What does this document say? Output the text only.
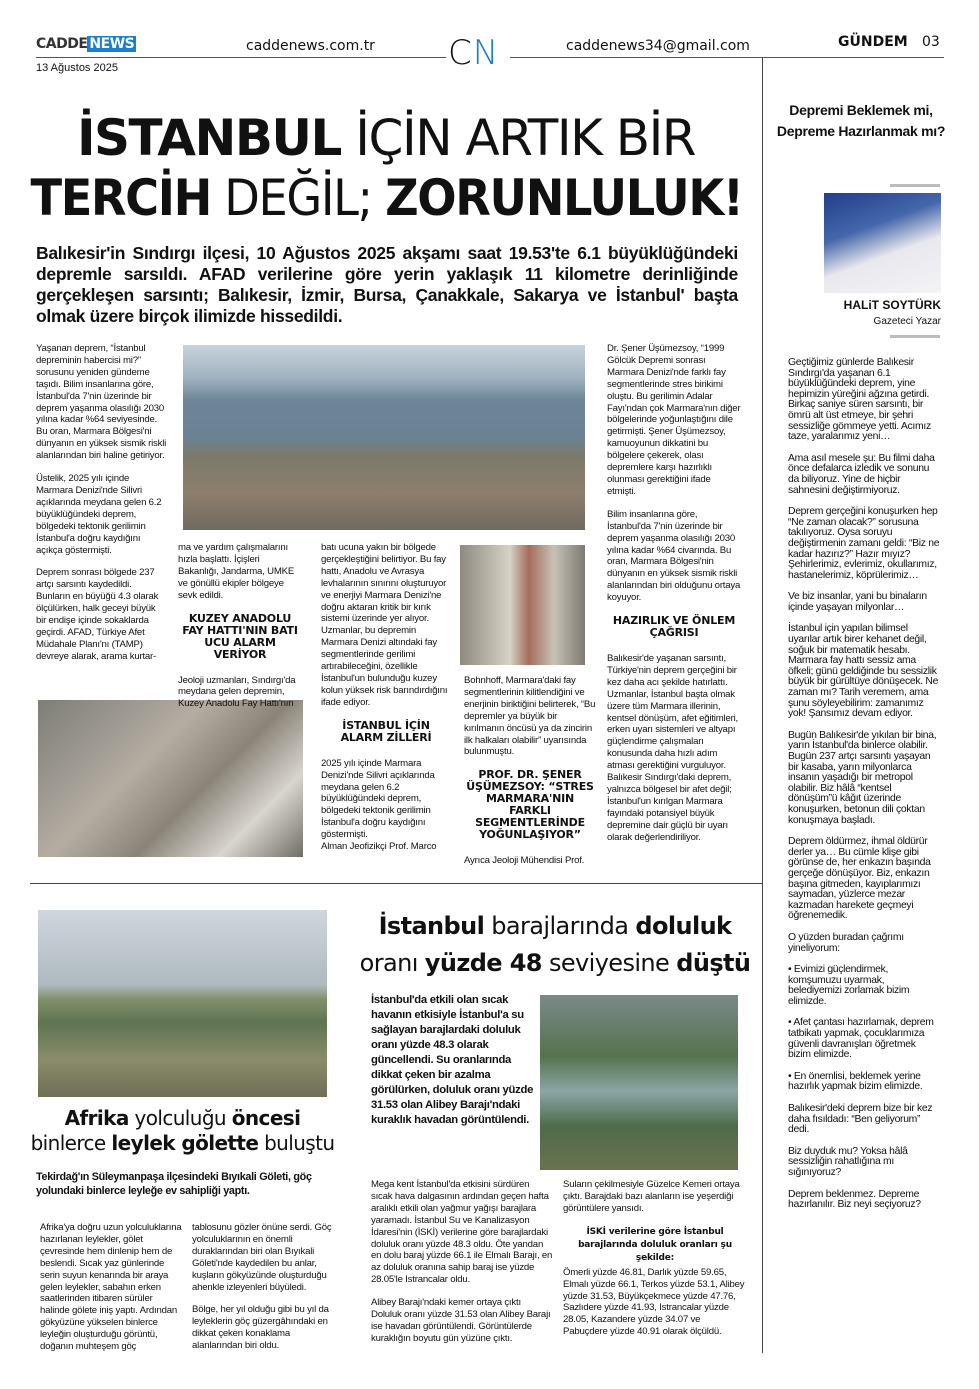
CADDE NEWS	caddenews.com.tr CN	caddenews34@gmail.com	GÜNDEM 03
13 Ağustos 2025
İSTANBUL İÇİN ARTIK BİR
TERCİH DEĞİL; ZORUNLULUK!
Balıkesir'in Sındırgı ilçesi, 10 Ağustos 2025 akşamı saat 19.53'te 6.1 büyüklüğündeki depremle sarsıldı. AFAD verilerine göre yerin yaklaşık 11 kilometre derinliğinde gerçekleşen sarsıntı; Balıkesir, İzmir, Bursa, Çanakkale, Sakarya ve İstanbul' başta olmak üzere birçok ilimizde hissedildi.

Yaşanan deprem, “İstanbul depreminin habercisi mi?” sorusunu yeniden gündeme taşıdı. Bilim insanlarına göre, İstanbul'da 7'nin üzerinde bir deprem yaşanma olasılığı 2030 yılına kadar %64 seviyesinde. Bu oran, Marmara Bölgesi'ni dünyanın en yüksek sismik riskli alanlarından biri haline getiriyor.

Üstelik, 2025 yılı içinde Marmara Denizi'nde Silivri açıklarında meydana gelen 6.2 büyüklüğündeki deprem, bölgedeki tektonik gerilimin İstanbul'a doğru kaydığını açıkça göstermişti.

Deprem sonrası bölgede 237 artçı sarsıntı kaydedildi. Bunların en büyüğü 4.3 olarak ölçülürken, halk geceyi büyük bir endişe içinde sokaklarda geçirdi. AFAD, Türkiye Afet Müdahale Planı'nı (TAMP) devreye alarak, arama kurtar-

ma ve yardım çalışmalarını hızla başlattı. İçişleri Bakanlığı, Jandarma, UMKE ve gönüllü ekipler bölgeye sevk edildi.

KUZEY ANADOLU FAY HATTI'NIN BATI UCU ALARM VERİYOR

Jeoloji uzmanları, Sındırgı'da meydana gelen depremin, Kuzey Anadolu Fay Hattı'nın

batı ucuna yakın bir bölgede gerçekleştiğini belirtiyor. Bu fay hattı, Anadolu ve Avrasya levhalarının sınırını oluşturuyor ve enerjiyi Marmara Denizi'ne doğru aktaran kritik bir kırık sistemi üzerinde yer alıyor.
Uzmanlar, bu depremin Marmara Denizi altındaki fay segmentlerinde gerilimi artırabileceğini, özellikle İstanbul'un bulunduğu kuzey kolun yüksek risk barındırdığını ifade ediyor.

İSTANBUL İÇİN ALARM ZİLLERİ

2025 yılı içinde Marmara Denizi'nde Silivri açıklarında meydana gelen 6.2 büyüklüğündeki deprem, bölgedeki tektonik gerilimin İstanbul'a doğru kaydığını göstermişti.
Alman Jeofizikçi Prof. Marco

Bohnhoff, Marmara'daki fay segmentlerinin kilitlendiğini ve enerjinin biriktiğini belirterek, “Bu depremler ya büyük bir kırılmanın öncüsü ya da zincirin ilk halkaları olabilir” uyarısında bulunmuştu.

PROF. DR. ŞENER ÜŞÜMEZSOY: “STRES MARMARA'NIN FARKLI SEGMENTLERİNDE YOĞUNLAŞIYOR”

Ayrıca Jeoloji Mühendisi Prof.

Dr. Şener Üşümezsoy, “1999 Gölcük Depremi sonrası Marmara Denizi'nde farklı fay segmentlerinde stres birikimi oluştu. Bu gerilimin Adalar Fayı'ndan çok Marmara'nın diğer bölgelerinde yoğunlaştığını dile getirmişti. Şener Üşümezsoy, kamuoyunun dikkatini bu bölgelere çekerek, olası depremlere karşı hazırlıklı olunması gerektiğini ifade etmişti.

Bilim insanlarına göre, İstanbul'da 7'nin üzerinde bir deprem yaşanma olasılığı 2030 yılına kadar %64 civarında. Bu oran, Marmara Bölgesi'nin dünyanın en yüksek sismik riskli alanlarından biri olduğunu ortaya koyuyor.

HAZIRLIK VE ÖNLEM ÇAĞRISI

Balıkesir'de yaşanan sarsıntı, Türkiye'nin deprem gerçeğini bir kez daha acı şekilde hatırlattı. Uzmanlar, İstanbul başta olmak üzere tüm Marmara illerinin, kentsel dönüşüm, afet eğitimleri, erken uyarı sistemleri ve altyapı güçlendirme çalışmaları konusunda daha hızlı adım atması gerektiğini vurguluyor. Balıkesir Sındırgı'daki deprem, yalnızca bölgesel bir afet değil; İstanbul'un kırılgan Marmara fayındaki potansiyel büyük depremine dair güçlü bir uyarı olarak değerlendiriliyor.

Depremi Beklemek mi, Depreme Hazırlanmak mı?
HALiT SOYTÜRK
Gazeteci Yazar

Geçtiğimiz günlerde Balıkesir Sındırgı'da yaşanan 6.1 büyüklüğündeki deprem, yine hepimizin yüreğini ağzına getirdi. Birkaç saniye süren sarsıntı, bir ömrü alt üst etmeye, bir şehri sessizliğe gömmeye yetti. Acımız taze, yaralarımız yeni…

Ama asıl mesele şu: Bu filmi daha önce defalarca izledik ve sonunu da biliyoruz. Yine de hiçbir sahnesini değiştirmiyoruz.

Deprem gerçeğini konuşurken hep “Ne zaman olacak?” sorusuna takılıyoruz. Oysa soruyu değiştirmenin zamanı geldi: “Biz ne kadar hazırız?” Hazır mıyız? Şehirlerimiz, evlerimiz, okullarımız, hastanelerimiz, köprülerimiz…

Ve biz insanlar, yani bu binaların içinde yaşayan milyonlar…

İstanbul için yapılan bilimsel uyarılar artık birer kehanet değil, soğuk bir matematik hesabı. Marmara fay hattı sessiz ama öfkeli; günü geldiğinde bu sessizlik büyük bir gürültüye dönüşecek. Ne zaman mı? Tarih veremem, ama şunu söyleyebilirim: zamanımız yok! Şansımız devam ediyor.

Bugün Balıkesir'de yıkılan bir bina, yarın İstanbul'da binlerce olabilir. Bugün 237 artçı sarsıntı yaşayan bir kasaba, yarın milyonlarca insanın yaşadığı bir metropol olabilir. Biz hâlâ “kentsel dönüşüm”ü kâğıt üzerinde konuşurken, betonun dili çoktan konuşmaya başladı.

Deprem öldürmez, ihmal öldürür derler ya… Bu cümle klişe gibi görünse de, her enkazın başında gerçeğe dönüşüyor. Biz, enkazın başına gitmeden, kayıplarımızı saymadan, yüzlerce mezar kazmadan harekete geçmeyi öğrenemedik.

O yüzden buradan çağrımı yineliyorum:

• Evimizi güçlendirmek, komşumuzu uyarmak, belediyemizi zorlamak bizim elimizde.

• Afet çantası hazırlamak, deprem tatbikatı yapmak, çocuklarımıza güvenli davranışları öğretmek bizim elimizde.

• En önemlisi, beklemek yerine hazırlık yapmak bizim elimizde.

Balıkesir'deki deprem bize bir kez daha fısıldadı: “Ben geliyorum” dedi.

Biz duyduk mu? Yoksa hâlâ sessizliğin rahatlığına mı sığınıyoruz?

Deprem beklenmez. Depreme hazırlanılır. Biz neyi seçiyoruz?

Afrika yolculuğu öncesi
binlerce leylek gölette buluştu
Tekirdağ'ın Süleymanpaşa ilçesindeki Bıyıkali Göleti, göç yolundaki binlerce leyleğe ev sahipliği yaptı.

Afrika'ya doğru uzun yolculuklarına hazırlanan leylekler, gölet çevresinde hem dinlenip hem de beslendi. Sıcak yaz günlerinde serin suyun kenarında bir araya gelen leylekler, sabahın erken saatlerinden itibaren sürüler halinde gölete iniş yaptı. Ardından gökyüzüne yükselen binlerce leyleğin oluşturduğu görüntü, doğanın muhteşem göç

tablosunu gözler önüne serdi. Göç yolculuklarının en önemli duraklarından biri olan Bıyıkali Göleti'nde kaydedilen bu anlar, kuşların gökyüzünde oluşturduğu ahenkle izleyenleri büyüledi.

Bölge, her yıl olduğu gibi bu yıl da leyleklerin göç güzergâhındaki en dikkat çeken konaklama alanlarından biri oldu.

İstanbul barajlarında doluluk
oranı yüzde 48 seviyesine düştü
İstanbul'da etkili olan sıcak havanın etkisiyle İstanbul'a su sağlayan barajlardaki doluluk oranı yüzde 48.3 olarak güncellendi. Su oranlarında dikkat çeken bir azalma görülürken, doluluk oranı yüzde 31.53 olan Alibey Barajı'ndaki kuraklık havadan görüntülendi.

Mega kent İstanbul'da etkisini sürdüren sıcak hava dalgasının ardından geçen hafta aralıklı etkili olan yağmur yağışı barajlara yaramadı. İstanbul Su ve Kanalizasyon İdaresi'nin (İSKİ) verilerine göre barajlardaki doluluk oranı yüzde 48.3 oldu. Öte yandan en dolu baraj yüzde 66.1 ile Elmalı Barajı, en az doluluk oranına sahip baraj ise yüzde 28.05'le Istrancalar oldu.

Alibey Barajı'ndaki kemer ortaya çıktı Doluluk oranı yüzde 31.53 olan Alibey Barajı ise havadan görüntülendi. Görüntülerde kuraklığın boyutu gün yüzüne çıktı.

Suların çekilmesiyle Güzelce Kemeri ortaya çıktı. Barajdaki bazı alanların ise yeşerdiği görüntülere yansıdı.

İSKİ verilerine göre İstanbul barajlarında doluluk oranları şu şekilde:

Ömerli yüzde 46.81, Darlık yüzde 59.65, Elmalı yüzde 66.1, Terkos yüzde 53.1, Alibey yüzde 31.53, Büyükçekmece yüzde 47.76, Sazlıdere yüzde 41.93, Istrancalar yüzde 28.05, Kazandere yüzde 34.07 ve Pabuçdere yüzde 40.91 olarak ölçüldü.
